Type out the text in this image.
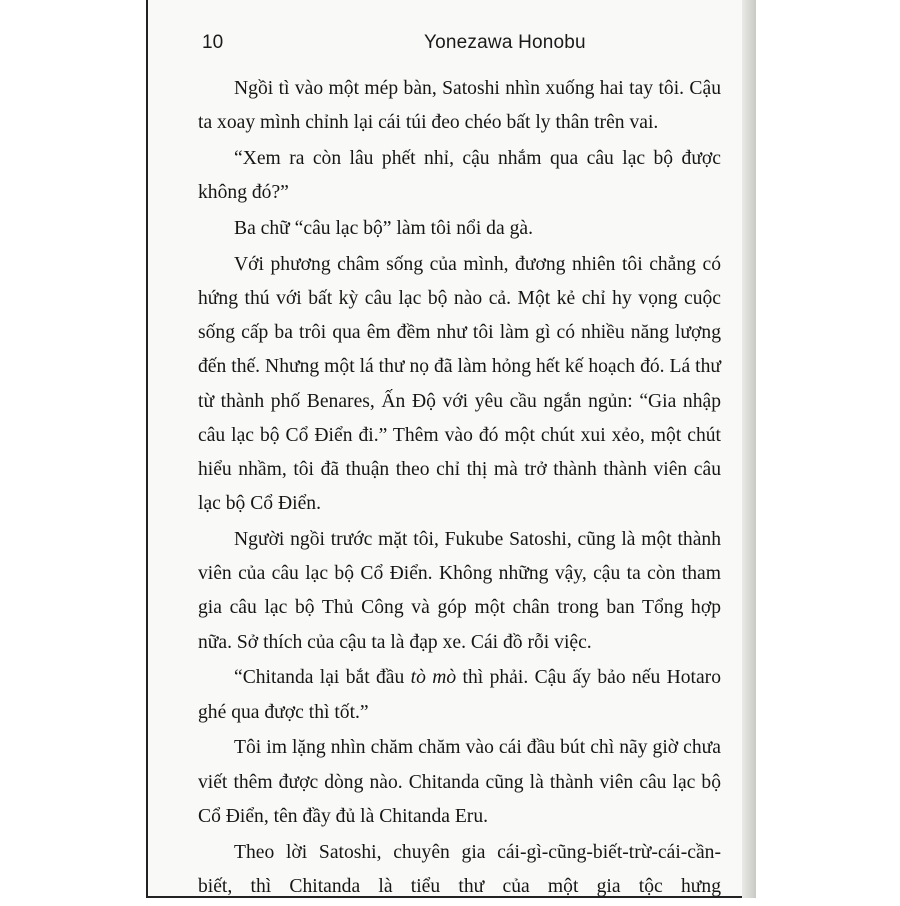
10	Yonezawa Honobu

Ngồi tì vào một mép bàn, Satoshi nhìn xuống hai tay tôi. Cậu ta xoay mình chỉnh lại cái túi đeo chéo bất ly thân trên vai.

“Xem ra còn lâu phết nhỉ, cậu nhắm qua câu lạc bộ được không đó?”

Ba chữ “câu lạc bộ” làm tôi nổi da gà.

Với phương châm sống của mình, đương nhiên tôi chẳng có hứng thú với bất kỳ câu lạc bộ nào cả. Một kẻ chỉ hy vọng cuộc sống cấp ba trôi qua êm đềm như tôi làm gì có nhiều năng lượng đến thế. Nhưng một lá thư nọ đã làm hỏng hết kế hoạch đó. Lá thư từ thành phố Benares, Ấn Độ với yêu cầu ngắn ngủn: “Gia nhập câu lạc bộ Cổ Điển đi.” Thêm vào đó một chút xui xẻo, một chút hiểu nhầm, tôi đã thuận theo chỉ thị mà trở thành thành viên câu lạc bộ Cổ Điển.

Người ngồi trước mặt tôi, Fukube Satoshi, cũng là một thành viên của câu lạc bộ Cổ Điển. Không những vậy, cậu ta còn tham gia câu lạc bộ Thủ Công và góp một chân trong ban Tổng hợp nữa. Sở thích của cậu ta là đạp xe. Cái đồ rỗi việc.

“Chitanda lại bắt đầu tò mò thì phải. Cậu ấy bảo nếu Hotaro ghé qua được thì tốt.”

Tôi im lặng nhìn chăm chăm vào cái đầu bút chì nãy giờ chưa viết thêm được dòng nào. Chitanda cũng là thành viên câu lạc bộ Cổ Điển, tên đầy đủ là Chitanda Eru.

Theo lời Satoshi, chuyên gia cái-gì-cũng-biết-trừ-cái-cần-biết, thì Chitanda là tiểu thư của một gia tộc hưng
